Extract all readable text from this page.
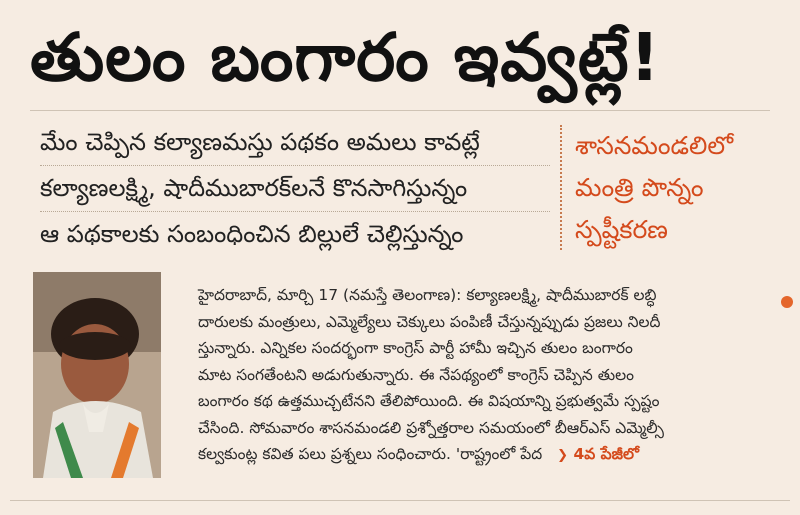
తులం బంగారం ఇవ్వట్లే!
మేం చెప్పిన కల్యాణమస్తు పథకం అమలు కావట్లే
కల్యాణలక్ష్మి, షాదీముబారక్‌లనే కొనసాగిస్తున్నం
ఆ పథకాలకు సంబంధించిన బిల్లులే చెల్లిస్తున్నం
శాసనమండలిలో
మంత్రి పొన్నం
స్పష్టీకరణ
హైదరాబాద్, మార్చి 17 (నమస్తే తెలంగాణ): కల్యాణలక్ష్మి, షాదీముబారక్ లబ్ధి
దారులకు మంత్రులు, ఎమ్మెల్యేలు చెక్కులు పంపిణీ చేస్తున్నప్పుడు ప్రజలు నిలదీ
స్తున్నారు. ఎన్నికల సందర్భంగా కాంగ్రెస్ పార్టీ హామీ ఇచ్చిన తులం బంగారం
మాట సంగతేంటని అడుగుతున్నారు. ఈ నేపథ్యంలో కాంగ్రెస్ చెప్పిన తులం
బంగారం కథ ఉత్తముచ్చటేనని తేలిపోయింది. ఈ విషయాన్ని ప్రభుత్వమే స్పష్టం
చేసింది. సోమవారం శాసనమండలి ప్రశ్నోత్తరాల సమయంలో బీఆర్ఎస్ ఎమ్మెల్సీ
కల్వకుంట్ల కవిత పలు ప్రశ్నలు సంధించారు. 'రాష్ట్రంలో పేద ❯ 4వ పేజీలో
